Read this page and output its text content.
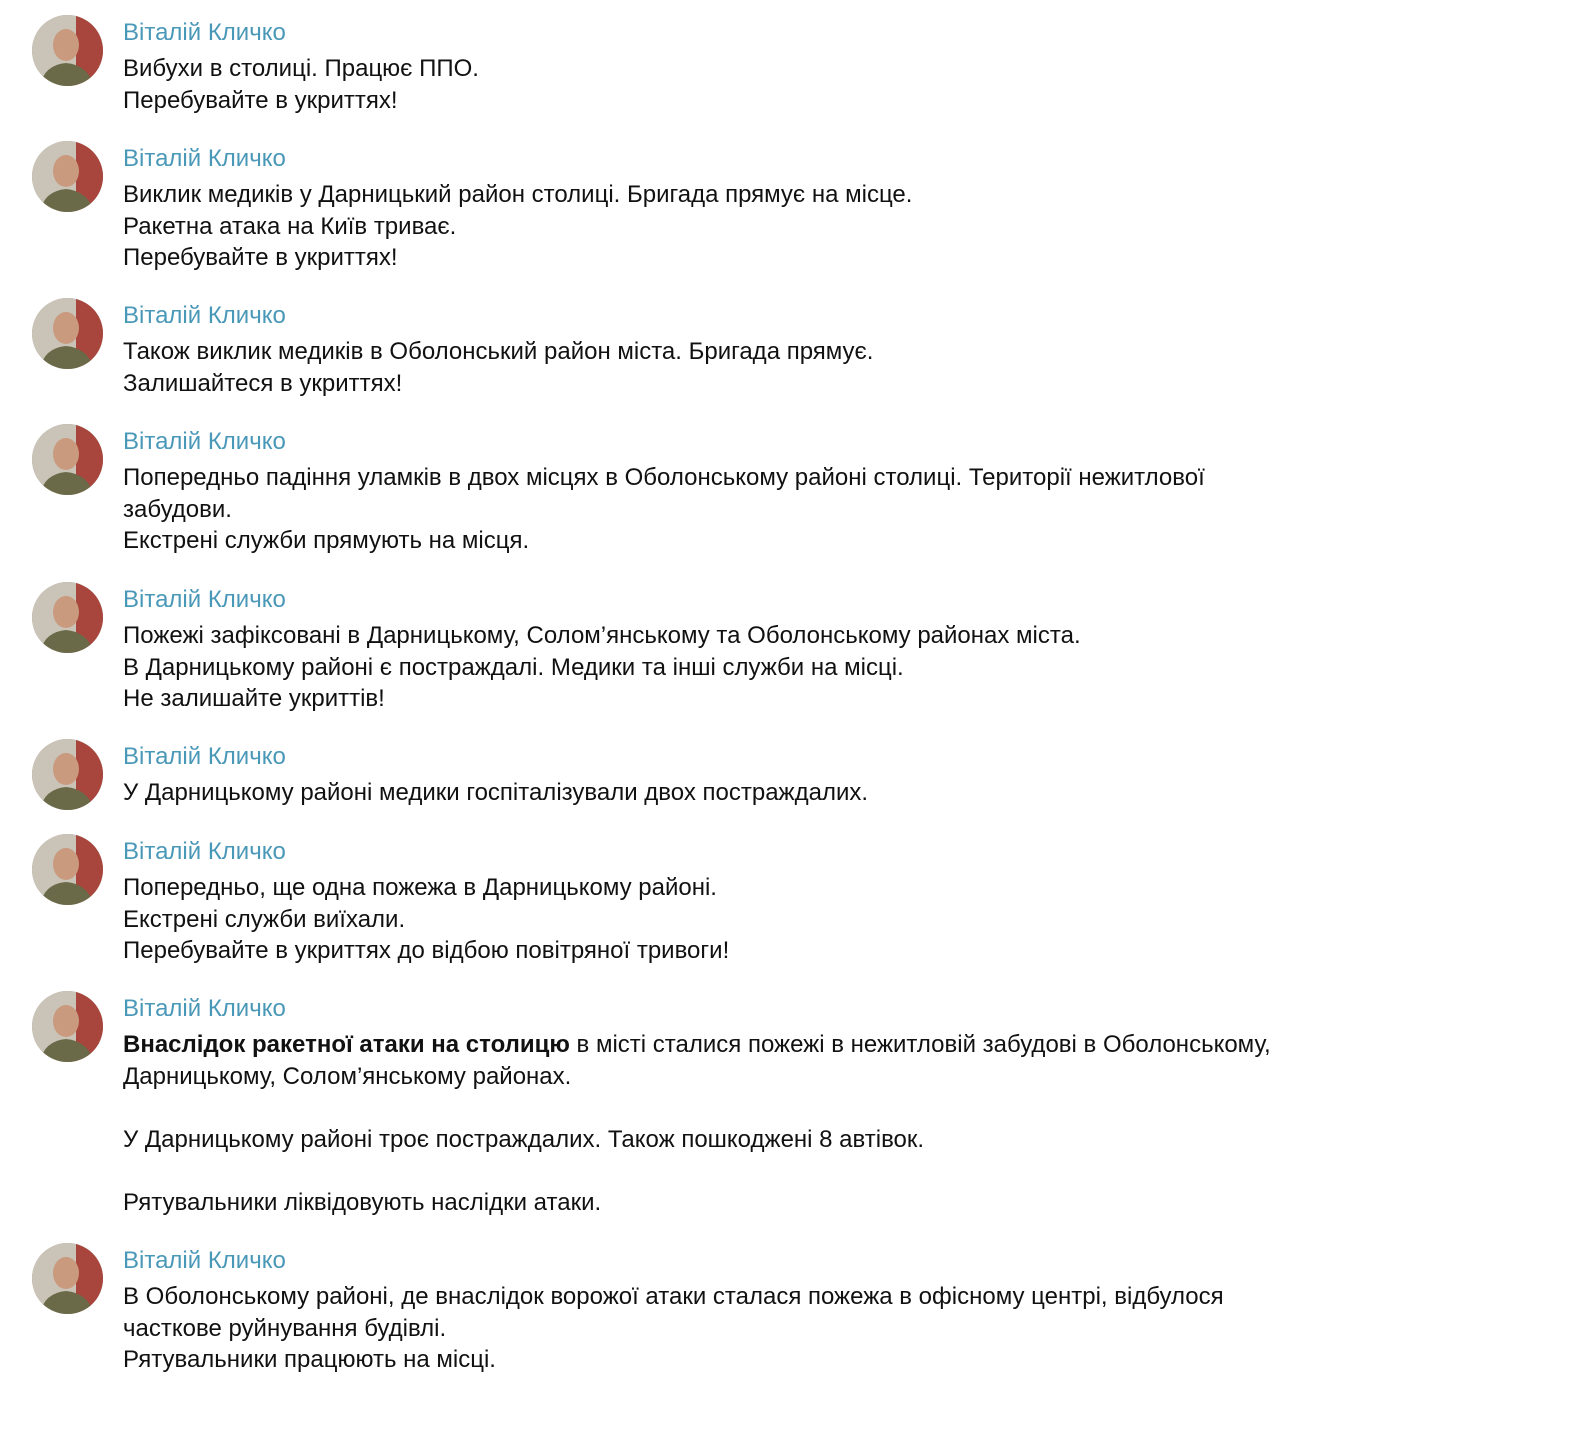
Віталій Кличко
Вибухи в столиці. Працює ППО.
Перебувайте в укриттях!
Віталій Кличко
Виклик медиків у Дарницький район столиці. Бригада прямує на місце.
Ракетна атака на Київ триває.
Перебувайте в укриттях!
Віталій Кличко
Також виклик медиків в Оболонський район міста. Бригада прямує.
Залишайтеся в укриттях!
Віталій Кличко
Попередньо падіння уламків в двох місцях в Оболонському районі столиці. Території нежитлової
забудови.
Екстрені служби прямують на місця.
Віталій Кличко
Пожежі зафіксовані в Дарницькому, Солом’янському та Оболонському районах міста.
В Дарницькому районі є постраждалі. Медики та інші служби на місці.
Не залишайте укриттів!
Віталій Кличко
У Дарницькому районі медики госпіталізували двох постраждалих.
Віталій Кличко
Попередньо, ще одна пожежа в Дарницькому районі.
Екстрені служби виїхали.
Перебувайте в укриттях до відбою повітряної тривоги!
Віталій Кличко
Внаслідок ракетної атаки на столицю в місті сталися пожежі в нежитловій забудові в Оболонському,
Дарницькому, Солом’янському районах.
У Дарницькому районі троє постраждалих. Також пошкоджені 8 автівок.
Рятувальники ліквідовують наслідки атаки.
Віталій Кличко
В Оболонському районі, де внаслідок ворожої атаки сталася пожежа в офісному центрі, відбулося
часткове руйнування будівлі.
Рятувальники працюють на місці.
